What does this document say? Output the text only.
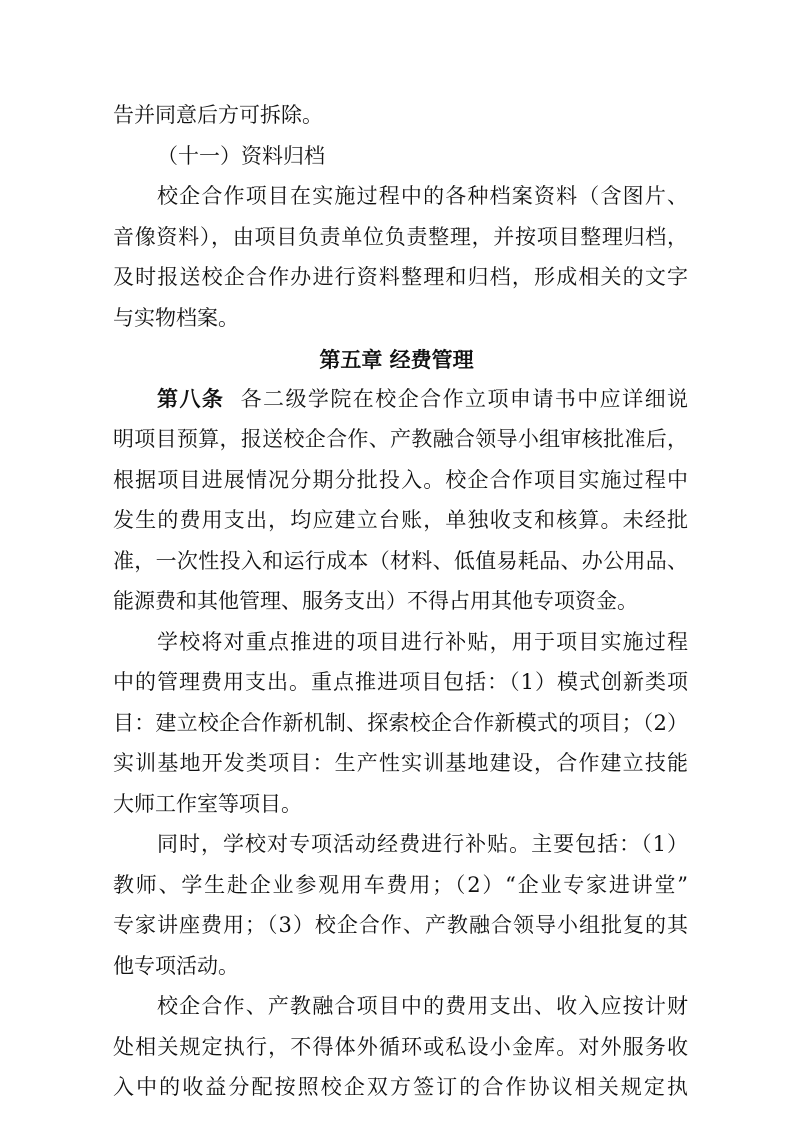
告并同意后方可拆除。
（十一）资料归档
校企合作项目在实施过程中的各种档案资料（含图片、
音像资料），由项目负责单位负责整理，并按项目整理归档，
及时报送校企合作办进行资料整理和归档，形成相关的文字
与实物档案。
第五章 经费管理
第八条 各二级学院在校企合作立项申请书中应详细说
明项目预算，报送校企合作、产教融合领导小组审核批准后，
根据项目进展情况分期分批投入。校企合作项目实施过程中
发生的费用支出，均应建立台账，单独收支和核算。未经批
准，一次性投入和运行成本（材料、低值易耗品、办公用品、
能源费和其他管理、服务支出）不得占用其他专项资金。
学校将对重点推进的项目进行补贴，用于项目实施过程
中的管理费用支出。重点推进项目包括：（1）模式创新类项
目：建立校企合作新机制、探索校企合作新模式的项目；（2）
实训基地开发类项目：生产性实训基地建设，合作建立技能
大师工作室等项目。
同时，学校对专项活动经费进行补贴。主要包括：（1）
教师、学生赴企业参观用车费用；（2）“企业专家进讲堂”
专家讲座费用；（3）校企合作、产教融合领导小组批复的其
他专项活动。
校企合作、产教融合项目中的费用支出、收入应按计财
处相关规定执行，不得体外循环或私设小金库。对外服务收
入中的收益分配按照校企双方签订的合作协议相关规定执
